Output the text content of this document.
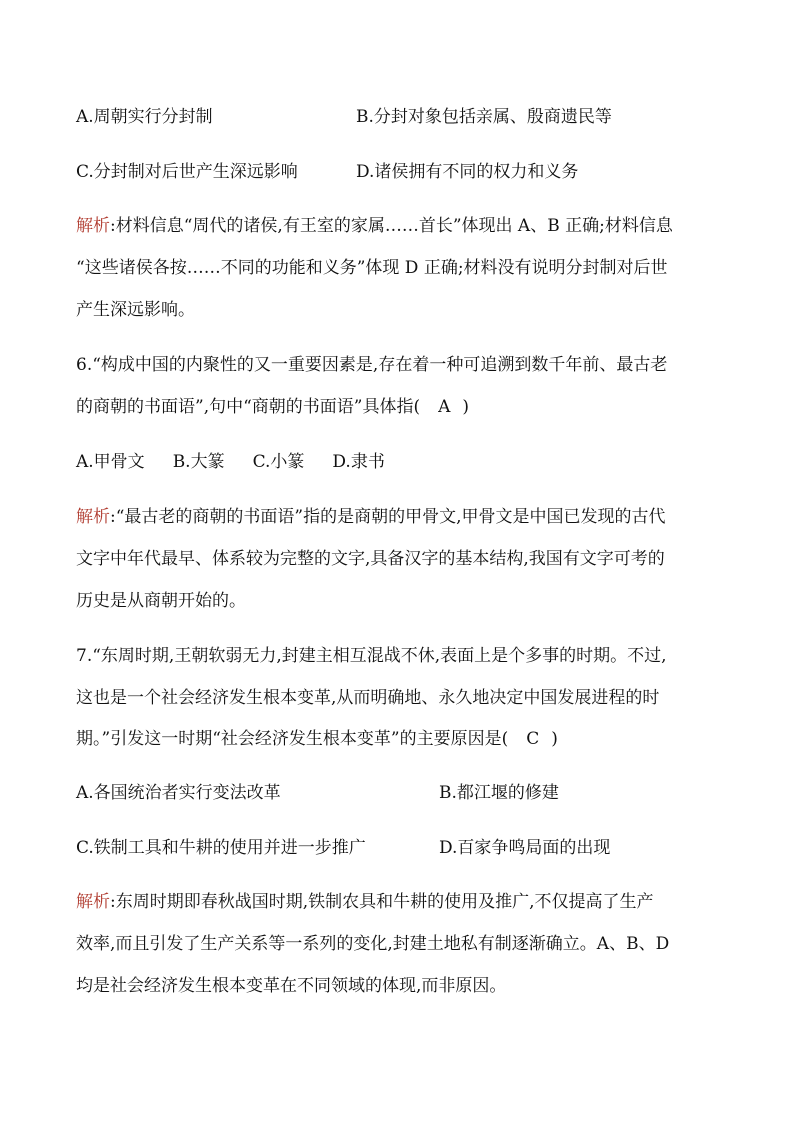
A.周朝实行分封制	B.分封对象包括亲属、殷商遗民等
C.分封制对后世产生深远影响	D.诸侯拥有不同的权力和义务
解析:材料信息“周代的诸侯,有王室的家属……首长”体现出 A、B 正确;材料信息
“这些诸侯各按……不同的功能和义务”体现 D 正确;材料没有说明分封制对后世
产生深远影响。
6.“构成中国的内聚性的又一重要因素是,存在着一种可追溯到数千年前、最古老
的商朝的书面语”,句中“商朝的书面语”具体指( A )
A.甲骨文 B.大篆 C.小篆 D.隶书
解析:“最古老的商朝的书面语”指的是商朝的甲骨文,甲骨文是中国已发现的古代
文字中年代最早、体系较为完整的文字,具备汉字的基本结构,我国有文字可考的
历史是从商朝开始的。
7.“东周时期,王朝软弱无力,封建主相互混战不休,表面上是个多事的时期。不过,
这也是一个社会经济发生根本变革,从而明确地、永久地决定中国发展进程的时
期。”引发这一时期“社会经济发生根本变革”的主要原因是( C )
A.各国统治者实行变法改革	B.都江堰的修建
C.铁制工具和牛耕的使用并进一步推广	D.百家争鸣局面的出现
解析:东周时期即春秋战国时期,铁制农具和牛耕的使用及推广,不仅提高了生产
效率,而且引发了生产关系等一系列的变化,封建土地私有制逐渐确立。A、B、D
均是社会经济发生根本变革在不同领域的体现,而非原因。
